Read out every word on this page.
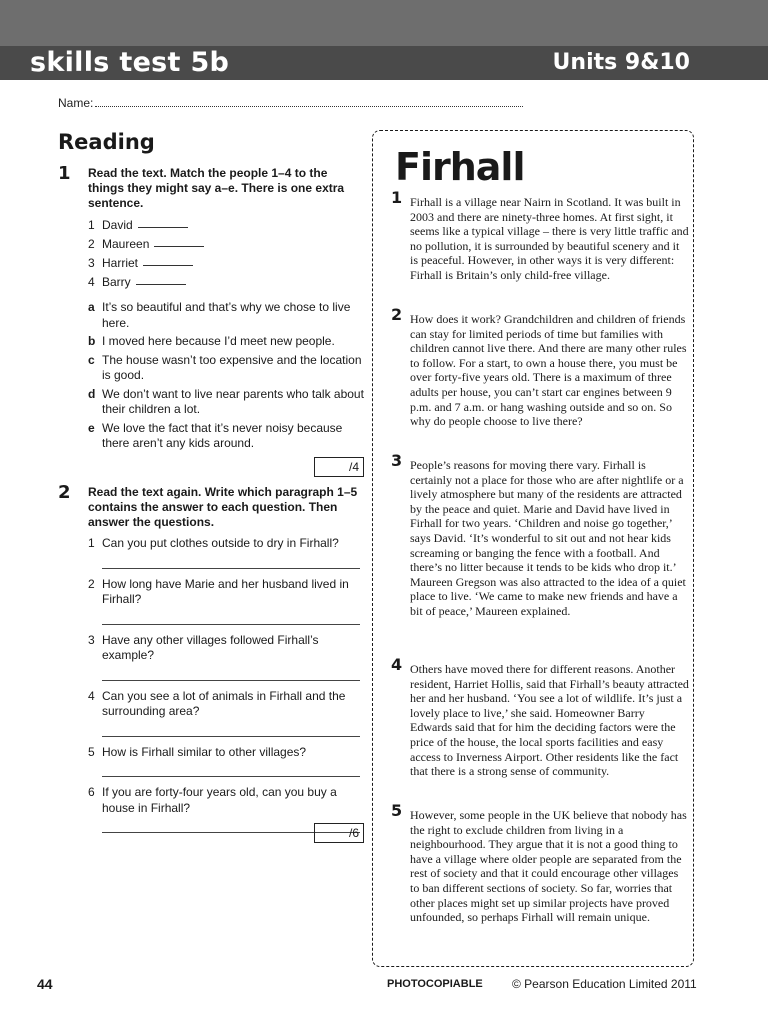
skills test 5b	Units 9&10
Name:
Reading
1 Read the text. Match the people 1–4 to the things they might say a–e. There is one extra sentence.
1 David
2 Maureen
3 Harriet
4 Barry
a It’s so beautiful and that’s why we chose to live here.
b I moved here because I’d meet new people.
c The house wasn’t too expensive and the location is good.
d We don’t want to live near parents who talk about their children a lot.
e We love the fact that it’s never noisy because there aren’t any kids around.
/4
2 Read the text again. Write which paragraph 1–5 contains the answer to each question. Then answer the questions.
1 Can you put clothes outside to dry in Firhall?
2 How long have Marie and her husband lived in Firhall?
3 Have any other villages followed Firhall’s example?
4 Can you see a lot of animals in Firhall and the surrounding area?
5 How is Firhall similar to other villages?
6 If you are forty-four years old, can you buy a house in Firhall?
/6
Firhall
1 Firhall is a village near Nairn in Scotland. It was built in 2003 and there are ninety-three homes. At first sight, it seems like a typical village – there is very little traffic and no pollution, it is surrounded by beautiful scenery and it is peaceful. However, in other ways it is very different: Firhall is Britain’s only child-free village.
2 How does it work? Grandchildren and children of friends can stay for limited periods of time but families with children cannot live there. And there are many other rules to follow. For a start, to own a house there, you must be over forty-five years old. There is a maximum of three adults per house, you can’t start car engines between 9 p.m. and 7 a.m. or hang washing outside and so on. So why do people choose to live there?
3 People’s reasons for moving there vary. Firhall is certainly not a place for those who are after nightlife or a lively atmosphere but many of the residents are attracted by the peace and quiet. Marie and David have lived in Firhall for two years. ‘Children and noise go together,’ says David. ‘It’s wonderful to sit out and not hear kids screaming or banging the fence with a football. And there’s no litter because it tends to be kids who drop it.’ Maureen Gregson was also attracted to the idea of a quiet place to live. ‘We came to make new friends and have a bit of peace,’ Maureen explained.
4 Others have moved there for different reasons. Another resident, Harriet Hollis, said that Firhall’s beauty attracted her and her husband. ‘You see a lot of wildlife. It’s just a lovely place to live,’ she said. Homeowner Barry Edwards said that for him the deciding factors were the price of the house, the local sports facilities and easy access to Inverness Airport. Other residents like the fact that there is a strong sense of community.
5 However, some people in the UK believe that nobody has the right to exclude children from living in a neighbourhood. They argue that it is not a good thing to have a village where older people are separated from the rest of society and that it could encourage other villages to ban different sections of society. So far, worries that other places might set up similar projects have proved unfounded, so perhaps Firhall will remain unique.
44	PHOTOCOPIABLE © Pearson Education Limited 2011
